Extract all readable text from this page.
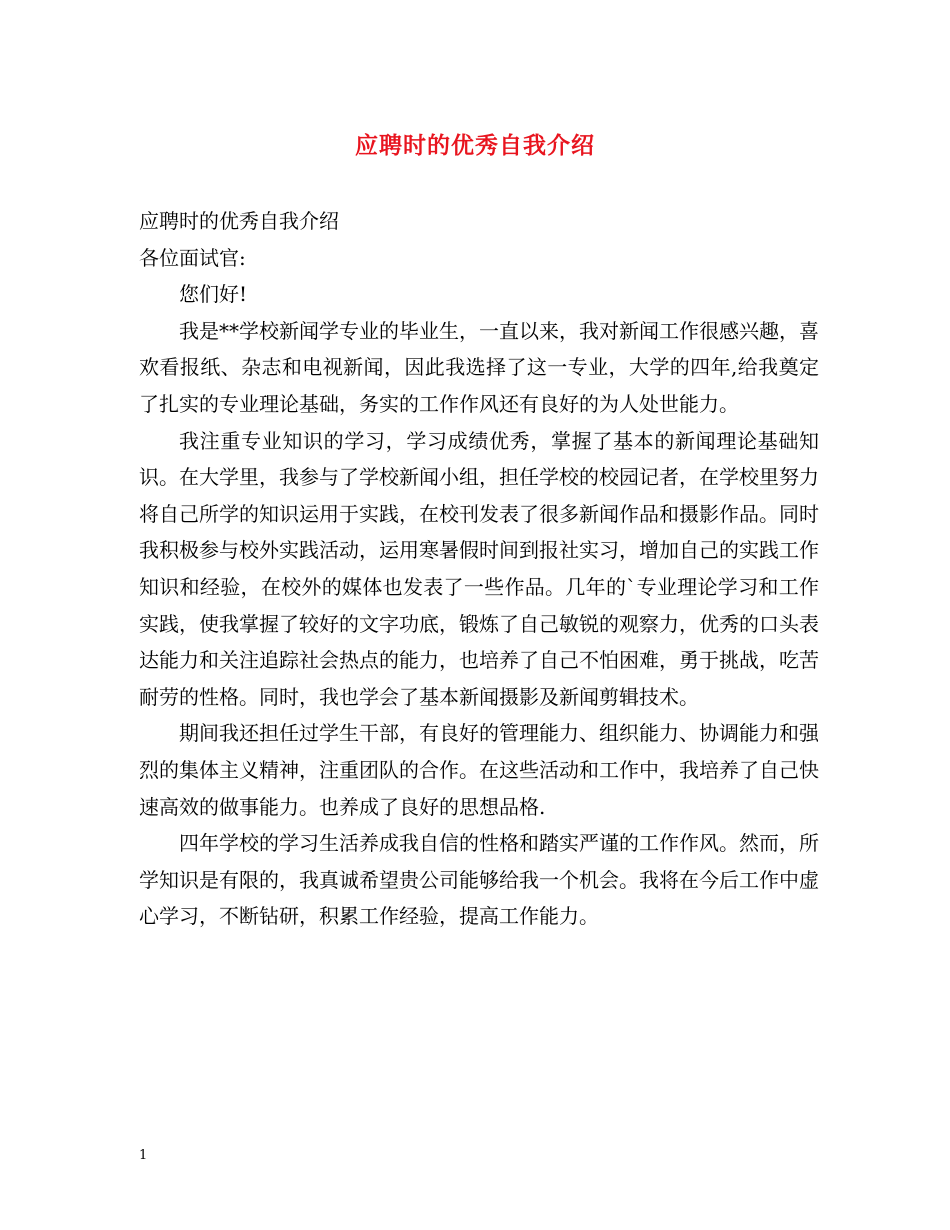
应聘时的优秀自我介绍

应聘时的优秀自我介绍

各位面试官:

您们好!

我是**学校新闻学专业的毕业生，一直以来，我对新闻工作很感兴趣，喜欢看报纸、杂志和电视新闻，因此我选择了这一专业，大学的四年,给我奠定了扎实的专业理论基础，务实的工作作风还有良好的为人处世能力。

我注重专业知识的学习，学习成绩优秀，掌握了基本的新闻理论基础知识。在大学里，我参与了学校新闻小组，担任学校的校园记者，在学校里努力将自己所学的知识运用于实践，在校刊发表了很多新闻作品和摄影作品。同时我积极参与校外实践活动，运用寒暑假时间到报社实习，增加自己的实践工作知识和经验，在校外的媒体也发表了一些作品。几年的`专业理论学习和工作实践，使我掌握了较好的文字功底，锻炼了自己敏锐的观察力，优秀的口头表达能力和关注追踪社会热点的能力，也培养了自己不怕困难，勇于挑战，吃苦耐劳的性格。同时，我也学会了基本新闻摄影及新闻剪辑技术。

期间我还担任过学生干部，有良好的管理能力、组织能力、协调能力和强烈的集体主义精神，注重团队的合作。在这些活动和工作中，我培养了自己快速高效的做事能力。也养成了良好的思想品格.

四年学校的学习生活养成我自信的性格和踏实严谨的工作作风。然而，所学知识是有限的，我真诚希望贵公司能够给我一个机会。我将在今后工作中虚心学习，不断钻研，积累工作经验，提高工作能力。

1
